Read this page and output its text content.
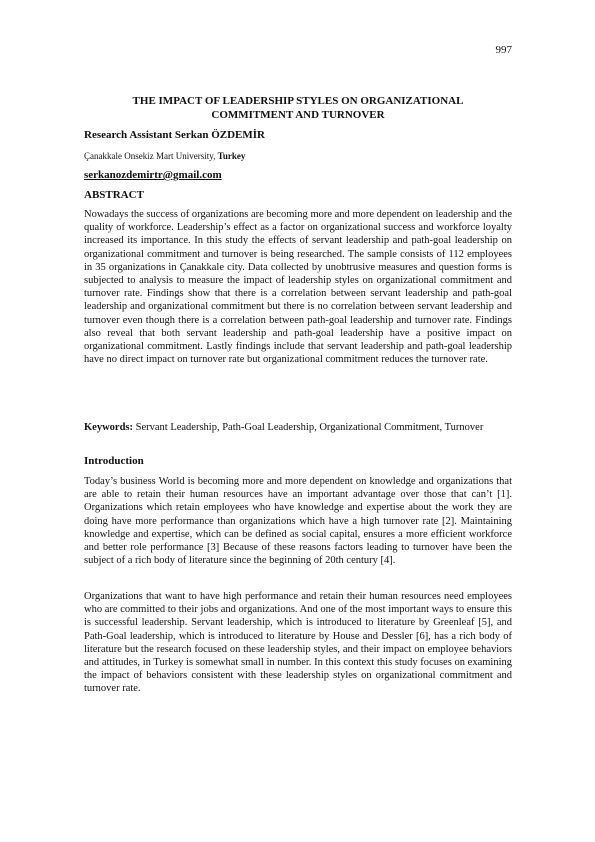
997
THE IMPACT OF LEADERSHIP STYLES ON ORGANIZATIONAL
COMMITMENT AND TURNOVER
Research Assistant Serkan ÖZDEMİR
Çanakkale Onsekiz Mart University, Turkey
serkanozdemirtr@gmail.com
ABSTRACT

Nowadays the success of organizations are becoming more and more dependent on leadership and the quality of workforce. Leadership’s effect as a factor on organizational success and workforce loyalty increased its importance. In this study the effects of servant leadership and path-goal leadership on organizational commitment and turnover is being researched. The sample consists of 112 employees in 35 organizations in Çanakkale city. Data collected by unobtrusive measures and question forms is subjected to analysis to measure the impact of leadership styles on organizational commitment and turnover rate. Findings show that there is a correlation between servant leadership and path-goal leadership and organizational commitment but there is no correlation between servant leadership and turnover even though there is a correlation between path-goal leadership and turnover rate. Findings also reveal that both servant leadership and path-goal leadership have a positive impact on organizational commitment. Lastly findings include that servant leadership and path-goal leadership have no direct impact on turnover rate but organizational commitment reduces the turnover rate.

Keywords: Servant Leadership, Path-Goal Leadership, Organizational Commitment, Turnover

Introduction

Today’s business World is becoming more and more dependent on knowledge and organizations that are able to retain their human resources have an important advantage over those that can’t [1]. Organizations which retain employees who have knowledge and expertise about the work they are doing have more performance than organizations which have a high turnover rate [2]. Maintaining knowledge and expertise, which can be defined as social capital, ensures a more efficient workforce and better role performance [3] Because of these reasons factors leading to turnover have been the subject of a rich body of literature since the beginning of 20th century [4].

Organizations that want to have high performance and retain their human resources need employees who are committed to their jobs and organizations. And one of the most important ways to ensure this is successful leadership. Servant leadership, which is introduced to literature by Greenleaf [5], and Path-Goal leadership, which is introduced to literature by House and Dessler [6], has a rich body of literature but the research focused on these leadership styles, and their impact on employee behaviors and attitudes, in Turkey is somewhat small in number. In this context this study focuses on examining the impact of behaviors consistent with these leadership styles on organizational commitment and turnover rate.
